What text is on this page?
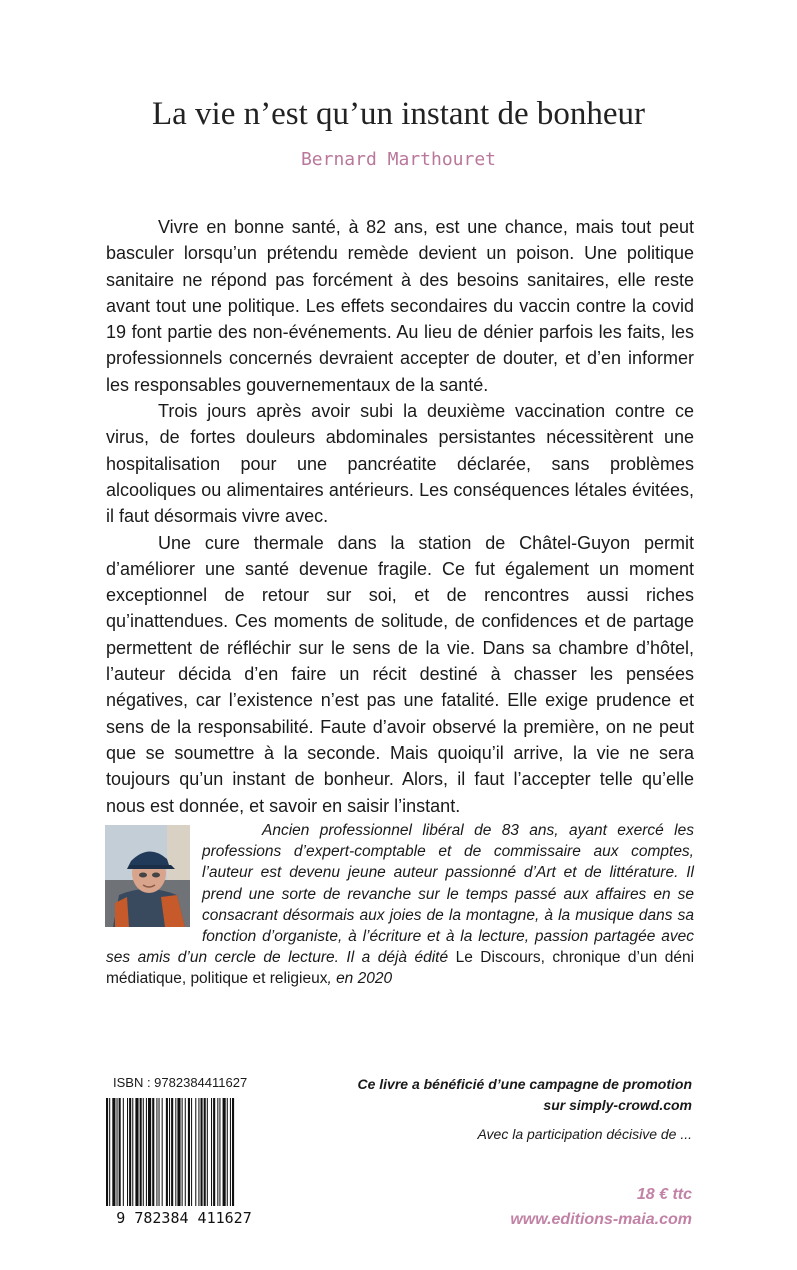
La vie n’est qu’un instant de bonheur
Bernard Marthouret

Vivre en bonne santé, à 82 ans, est une chance, mais tout peut basculer lorsqu’un prétendu remède devient un poison. Une politique sanitaire ne répond pas forcément à des besoins sanitaires, elle reste avant tout une politique. Les effets secondaires du vaccin contre la covid 19 font partie des non-événements. Au lieu de dénier parfois les faits, les professionnels concernés devraient accepter de douter, et d’en informer les responsables gouvernementaux de la santé.

Trois jours après avoir subi la deuxième vaccination contre ce virus, de fortes douleurs abdominales persistantes nécessitèrent une hospitalisation pour une pancréatite déclarée, sans problèmes alcooliques ou alimentaires antérieurs. Les conséquences létales évitées, il faut désormais vivre avec.

Une cure thermale dans la station de Châtel-Guyon permit d’améliorer une santé devenue fragile. Ce fut également un moment exceptionnel de retour sur soi, et de rencontres aussi riches qu’inattendues. Ces moments de solitude, de confidences et de partage permettent de réfléchir sur le sens de la vie. Dans sa chambre d’hôtel, l’auteur décida d’en faire un récit destiné à chasser les pensées négatives, car l’existence n’est pas une fatalité. Elle exige prudence et sens de la responsabilité. Faute d’avoir observé la première, on ne peut que se soumettre à la seconde. Mais quoiqu’il arrive, la vie ne sera toujours qu’un instant de bonheur. Alors, il faut l’accepter telle qu’elle nous est donnée, et savoir en saisir l’instant.

Ancien professionnel libéral de 83 ans, ayant exercé les professions d’expert-comptable et de commissaire aux comptes, l’auteur est devenu jeune auteur passionné d’Art et de littérature. Il prend une sorte de revanche sur le temps passé aux affaires en se consacrant désormais aux joies de la montagne, à la musique dans sa fonction d’organiste, à l’écriture et à la lecture, passion partagée avec ses amis d’un cercle de lecture. Il a déjà édité Le Discours, chronique d’un déni médiatique, politique et religieux, en 2020

ISBN : 9782384411627
9 782384 411627
Ce livre a bénéficié d’une campagne de promotion
sur simply-crowd.com
Avec la participation décisive de ...
18 € ttc
www.editions-maia.com
